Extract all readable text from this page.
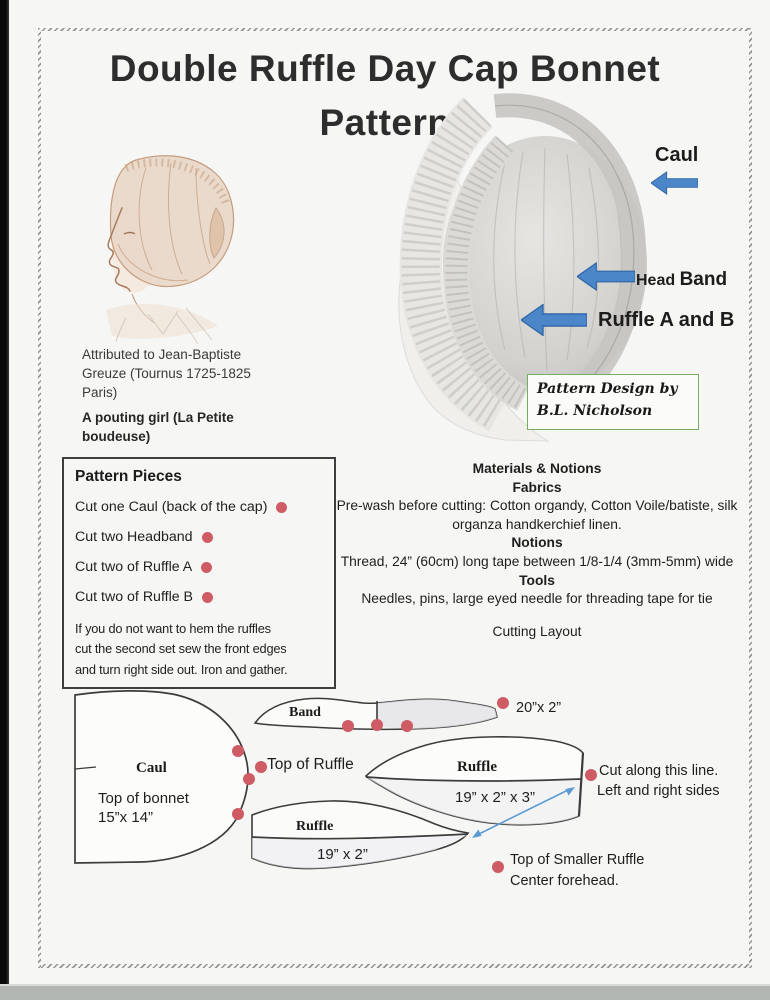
Double Ruffle Day Cap Bonnet
Pattern
Caul
Head Band
Ruffle A and B
Attributed to Jean-Baptiste Greuze (Tournus 1725-1825 Paris)
A pouting girl (La Petite boudeuse)
Pattern Design by
B.L. Nicholson
Pattern Pieces
Cut one Caul (back of the cap)
Cut two Headband
Cut two of Ruffle A
Cut two of Ruffle B
If you do not want to hem the ruffles
cut the second set sew the front edges
and turn right side out. Iron and gather.
Materials & Notions
Fabrics
Pre-wash before cutting: Cotton organdy, Cotton Voile/batiste, silk organza handkerchief linen.
Notions
Thread, 24” (60cm) long tape between 1/8-1/4 (3mm-5mm) wide
Tools
Needles, pins, large eyed needle for threading tape for tie
Cutting Layout
Caul
Top of bonnet
15”x 14”
Top of Ruffle
Band	20”x 2”
Ruffle
19” x 2” x 3”
Cut along this line.
Left and right sides
Ruffle
19” x 2”	Top of Smaller Ruffle
Center forehead.
